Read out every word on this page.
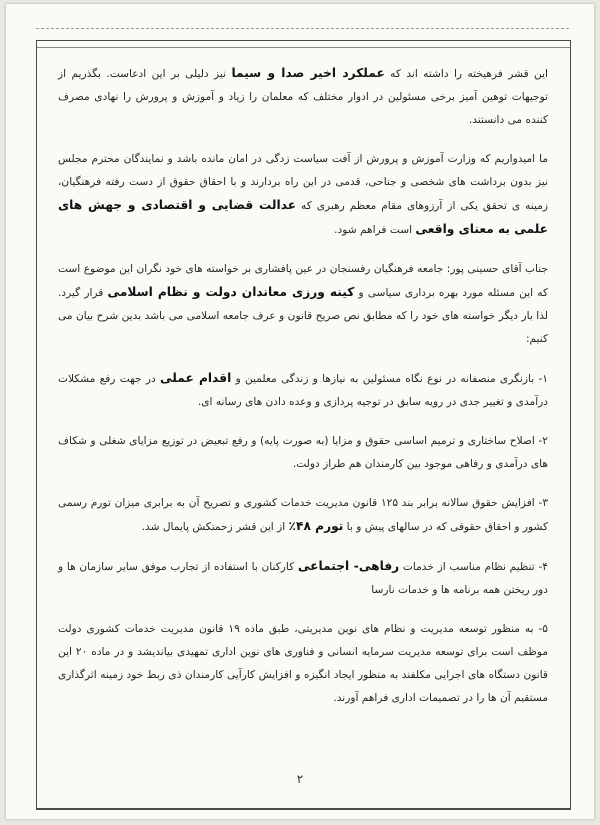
این قشر فرهیخته را داشته اند که عملکرد اخیر صدا و سیما نیز دلیلی بر این ادعاست. بگذریم از توجیهات توهین آمیز برخی مسئولین در ادوار مختلف که معلمان را زیاد و آموزش و پرورش را نهادی مصرف کننده می دانستند.

ما امیدواریم که وزارت آموزش و پرورش از آفت سیاست زدگی در امان مانده باشد و نمایندگان محترم مجلس نیز بدون برداشت های شخصی و جناحی، قدمی در این راه بردارند و با احقاق حقوق از دست رفته فرهنگیان، زمینه ی تحقق یکی از آرزوهای مقام معظم رهبری که عدالت قضایی و اقتصادی و جهش های علمی به معنای واقعی است فراهم شود.

جناب آقای حسینی پور: جامعه فرهنگیان رفسنجان در عین پافشاری بر خواسته های خود نگران این موضوع است که این مسئله مورد بهره برداری سیاسی و کینه ورزی معاندان دولت و نظام اسلامی قرار گیرد. لذا بار دیگر خواسته های خود را که مطابق نص صریح قانون و عرف جامعه اسلامی می باشد بدین شرح بیان می کنیم:

۱- بازنگری منصفانه در نوع نگاه مسئولین به نیازها و زندگی معلمین و اقدام عملی در جهت رفع مشکلات درآمدی و تغییر جدی در رویه سابق در توجیه پردازی و وعده دادن های رسانه ای.

۲- اصلاح ساختاری و ترمیم اساسی حقوق و مزایا (به صورت پایه) و رفع تبعیض در توزیع مزایای شغلی و شکاف های درآمدی و رفاهی موجود بین کارمندان هم طراز دولت.

۳- افزایش حقوق سالانه برابر بند ۱۲۵ قانون مدیریت خدمات کشوری و تصریح آن به برابری میزان تورم رسمی کشور و احقاق حقوقی که در سالهای پیش و با تورم ۴۸٪ از این قشر زحمتکش پایمال شد.

۴- تنظیم نظام مناسب از خدمات رفاهی- اجتماعی کارکنان با استفاده از تجارب موفق سایر سازمان ها و دور ریختن همه برنامه ها و خدمات نارسا

۵- به منظور توسعه مدیریت و نظام های نوین مدیریتی، طبق ماده ۱۹ قانون مدیریت خدمات کشوری دولت موظف است برای توسعه مدیریت سرمایه انسانی و فناوری های نوین اداری تمهیدی بیاندیشد و در ماده ۲۰ این قانون دستگاه های اجرایی مکلفند به منظور ایجاد انگیزه و افزایش کارآیی کارمندان ذی ربط خود زمینه اثرگذاری مستقیم آن ها را در تصمیمات اداری فراهم آورند.

۲
